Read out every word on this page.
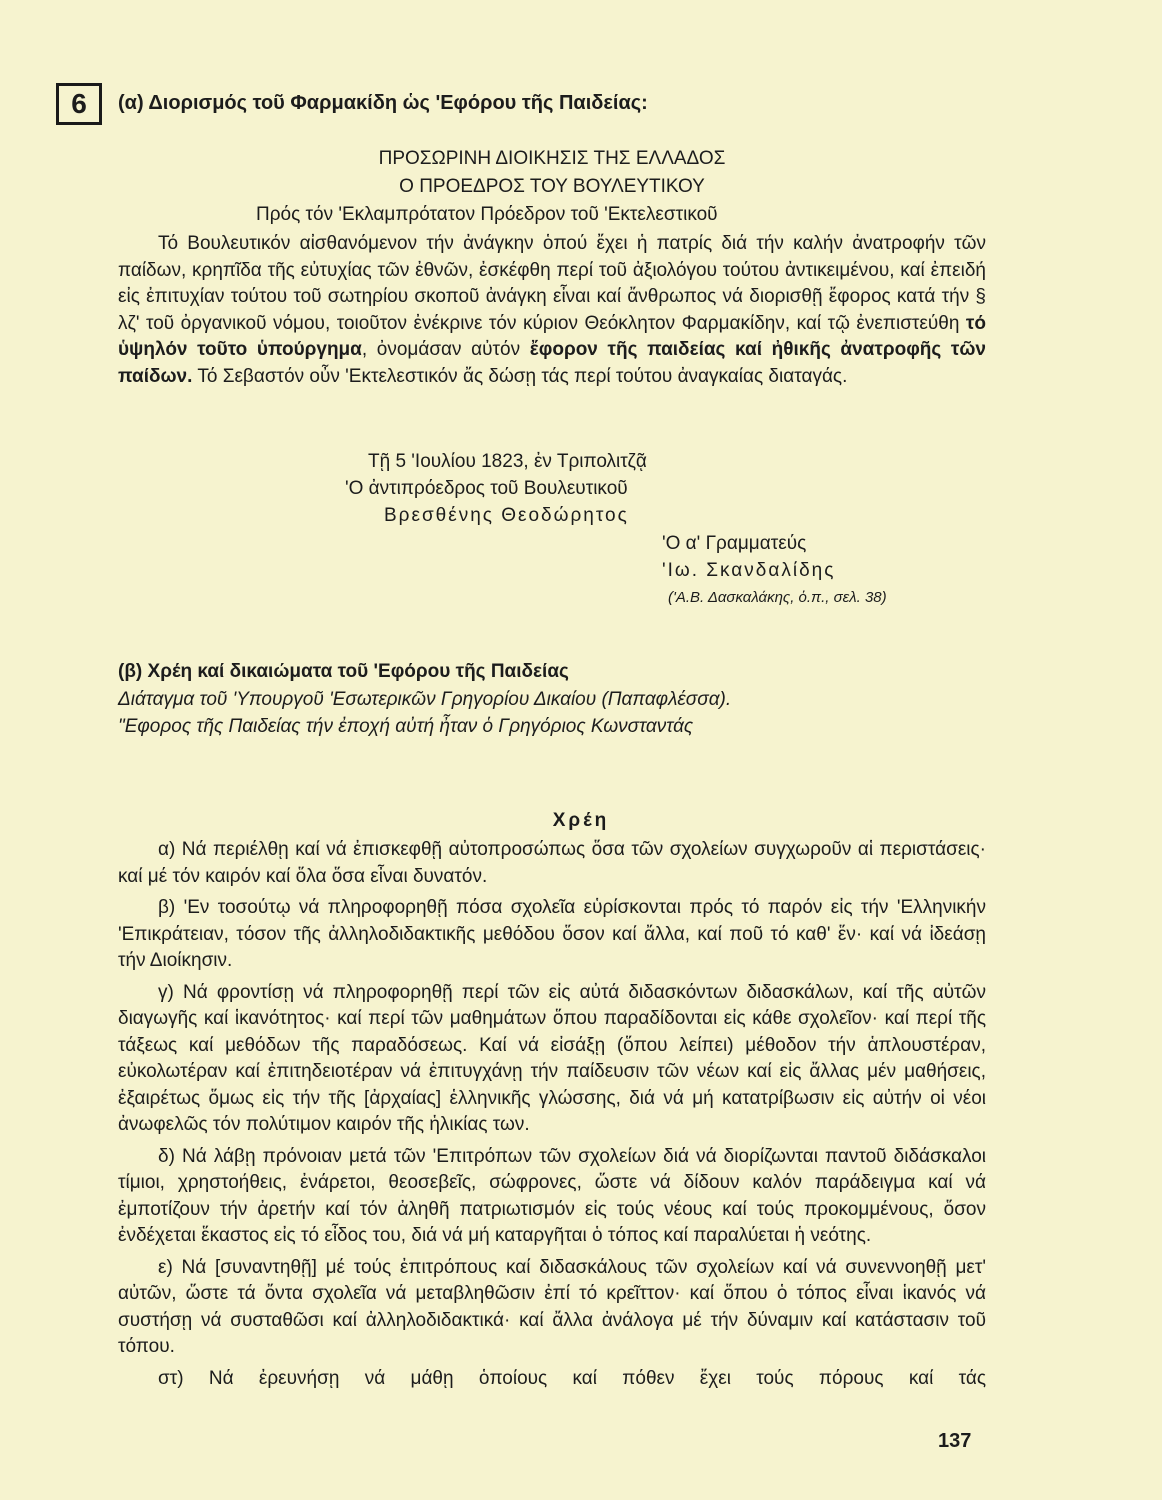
6	(α) Διορισμός τοῦ Φαρμακίδη ὡς 'Εφόρου τῆς Παιδείας:
ΠΡΟΣΩΡΙΝΗ ΔΙΟΙΚΗΣΙΣ ΤΗΣ ΕΛΛΑΔΟΣ
Ο ΠΡΟΕΔΡΟΣ ΤΟΥ ΒΟΥΛΕΥΤΙΚΟΥ
Πρός τόν 'Εκλαμπρότατον Πρόεδρον τοῦ 'Εκτελεστικοῦ

Τό Βουλευτικόν αἰσθανόμενον τήν ἀνάγκην ὁπού ἔχει ἡ πατρίς διά τήν καλήν ἀνατροφήν τῶν παίδων, κρηπῖδα τῆς εὐτυχίας τῶν ἐθνῶν, ἐσκέφθη περί τοῦ ἀξιολόγου τούτου ἀντικειμένου, καί ἐπειδή εἰς ἐπιτυχίαν τούτου τοῦ σωτηρίου σκοποῦ ἀνάγκη εἶναι καί ἄνθρωπος νά διορισθῇ ἔφορος κατά τήν § λζ' τοῦ ὀργανικοῦ νόμου, τοιοῦτον ἐνέκρινε τόν κύριον Θεόκλητον Φαρμακίδην, καί τῷ ἐνεπιστεύθη τό ὑψηλόν τοῦτο ὑπούργημα, ὀνομάσαν αὐτόν ἔφορον τῆς παιδείας καί ἠθικῆς ἀνατροφῆς τῶν παίδων. Τό Σεβαστόν οὖν 'Εκτελεστικόν ἄς δώσῃ τάς περί τούτου ἀναγκαίας διαταγάς.

Τῇ 5 'Ιουλίου 1823, ἐν Τριπολιτζᾷ
'Ο ἀντιπρόεδρος τοῦ Βουλευτικοῦ
Βρεσθένης Θεοδώρητος
'Ο α' Γραμματεύς
'Ιω. Σκανδαλίδης
('Α.Β. Δασκαλάκης, ὁ.π., σελ. 38)
(β) Χρέη καί δικαιώματα τοῦ 'Εφόρου τῆς Παιδείας
Διάταγμα τοῦ 'Υπουργοῦ 'Εσωτερικῶν Γρηγορίου Δικαίου (Παπαφλέσσα).
"Εφορος τῆς Παιδείας τήν ἐποχή αὐτή ἦταν ὁ Γρηγόριος Κωνσταντάς
Χρέη

α) Νά περιέλθῃ καί νά ἐπισκεφθῇ αὐτοπροσώπως ὅσα τῶν σχολείων συγχωροῦν αἱ περιστάσεις· καί μέ τόν καιρόν καί ὅλα ὅσα εἶναι δυνατόν.

β) 'Εν τοσούτῳ νά πληροφορηθῇ πόσα σχολεῖα εὑρίσκονται πρός τό παρόν εἰς τήν 'Ελληνικήν 'Επικράτειαν, τόσον τῆς ἀλληλοδιδακτικῆς μεθόδου ὅσον καί ἄλλα, καί ποῦ τό καθ' ἕν· καί νά ἰδεάσῃ τήν Διοίκησιν.

γ) Νά φροντίσῃ νά πληροφορηθῇ περί τῶν εἰς αὐτά διδασκόντων διδασκάλων, καί τῆς αὐτῶν διαγωγῆς καί ἱκανότητος· καί περί τῶν μαθημάτων ὅπου παραδίδονται εἰς κάθε σχολεῖον· καί περί τῆς τάξεως καί μεθόδων τῆς παραδόσεως. Καί νά εἰσάξῃ (ὅπου λείπει) μέθοδον τήν ἁπλουστέραν, εὐκολωτέραν καί ἐπιτηδειοτέραν νά ἐπιτυγχάνῃ τήν παίδευσιν τῶν νέων καί εἰς ἄλλας μέν μαθήσεις, ἐξαιρέτως ὅμως εἰς τήν τῆς [ἀρχαίας] ἑλληνικῆς γλώσσης, διά νά μή κατατρίβωσιν εἰς αὐτήν οἱ νέοι ἀνωφελῶς τόν πολύτιμον καιρόν τῆς ἡλικίας των.

δ) Νά λάβῃ πρόνοιαν μετά τῶν 'Επιτρόπων τῶν σχολείων διά νά διορίζωνται παντοῦ διδάσκαλοι τίμιοι, χρηστοήθεις, ἐνάρετοι, θεοσεβεῖς, σώφρονες, ὥστε νά δίδουν καλόν παράδειγμα καί νά ἐμποτίζουν τήν ἀρετήν καί τόν ἀληθῆ πατριωτισμόν εἰς τούς νέους καί τούς προκομμένους, ὅσον ἐνδέχεται ἕκαστος εἰς τό εἶδος του, διά νά μή καταργῆται ὁ τόπος καί παραλύεται ἡ νεότης.

ε) Νά [συναντηθῇ] μέ τούς ἐπιτρόπους καί διδασκάλους τῶν σχολείων καί νά συνεννοηθῇ μετ' αὐτῶν, ὥστε τά ὄντα σχολεῖα νά μεταβληθῶσιν ἐπί τό κρεῖττον· καί ὅπου ὁ τόπος εἶναι ἱκανός νά συστήσῃ νά συσταθῶσι καί ἀλληλοδιδακτικά· καί ἄλλα ἀνάλογα μέ τήν δύναμιν καί κατάστασιν τοῦ τόπου.

στ) Νά ἐρευνήσῃ νά μάθῃ ὁποίους καί πόθεν ἔχει τούς πόρους καί τάς

137
